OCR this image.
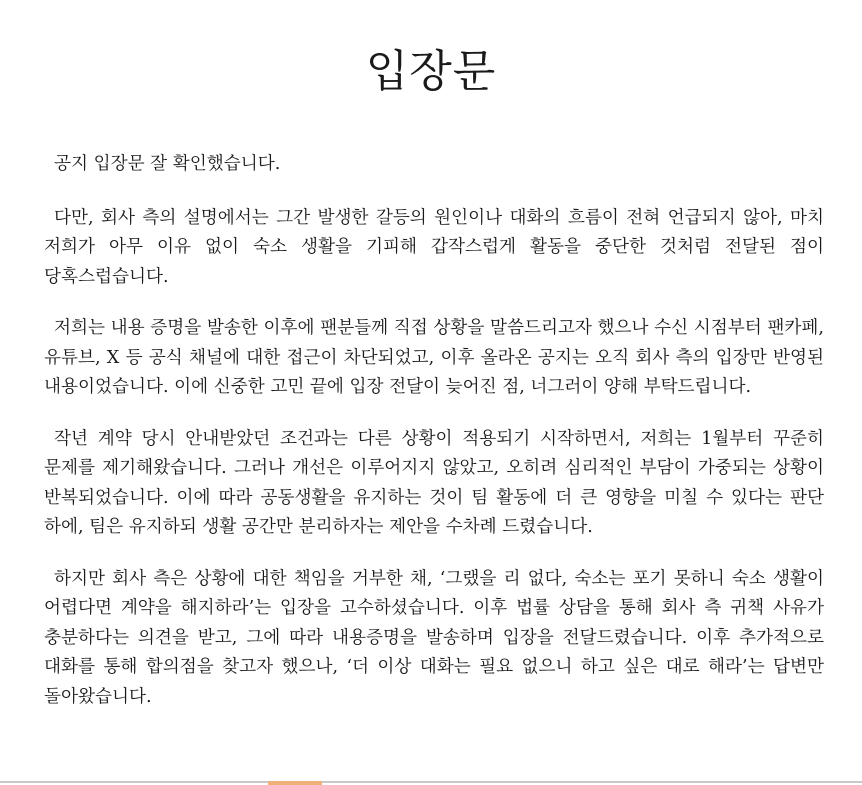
입장문

공지 입장문 잘 확인했습니다.

다만, 회사 측의 설명에서는 그간 발생한 갈등의 원인이나 대화의 흐름이 전혀 언급되지 않아, 마치 저희가 아무 이유 없이 숙소 생활을 기피해 갑작스럽게 활동을 중단한 것처럼 전달된 점이 당혹스럽습니다.

저희는 내용 증명을 발송한 이후에 팬분들께 직접 상황을 말씀드리고자 했으나 수신 시점부터 팬카페, 유튜브, X 등 공식 채널에 대한 접근이 차단되었고, 이후 올라온 공지는 오직 회사 측의 입장만 반영된 내용이었습니다. 이에 신중한 고민 끝에 입장 전달이 늦어진 점, 너그러이 양해 부탁드립니다.

작년 계약 당시 안내받았던 조건과는 다른 상황이 적용되기 시작하면서, 저희는 1월부터 꾸준히 문제를 제기해왔습니다. 그러나 개선은 이루어지지 않았고, 오히려 심리적인 부담이 가중되는 상황이 반복되었습니다. 이에 따라 공동생활을 유지하는 것이 팀 활동에 더 큰 영향을 미칠 수 있다는 판단 하에, 팀은 유지하되 생활 공간만 분리하자는 제안을 수차례 드렸습니다.

하지만 회사 측은 상황에 대한 책임을 거부한 채, ‘그랬을 리 없다, 숙소는 포기 못하니 숙소 생활이 어렵다면 계약을 해지하라’는 입장을 고수하셨습니다. 이후 법률 상담을 통해 회사 측 귀책 사유가 충분하다는 의견을 받고, 그에 따라 내용증명을 발송하며 입장을 전달드렸습니다. 이후 추가적으로 대화를 통해 합의점을 찾고자 했으나, ‘더 이상 대화는 필요 없으니 하고 싶은 대로 해라’는 답변만 돌아왔습니다.
